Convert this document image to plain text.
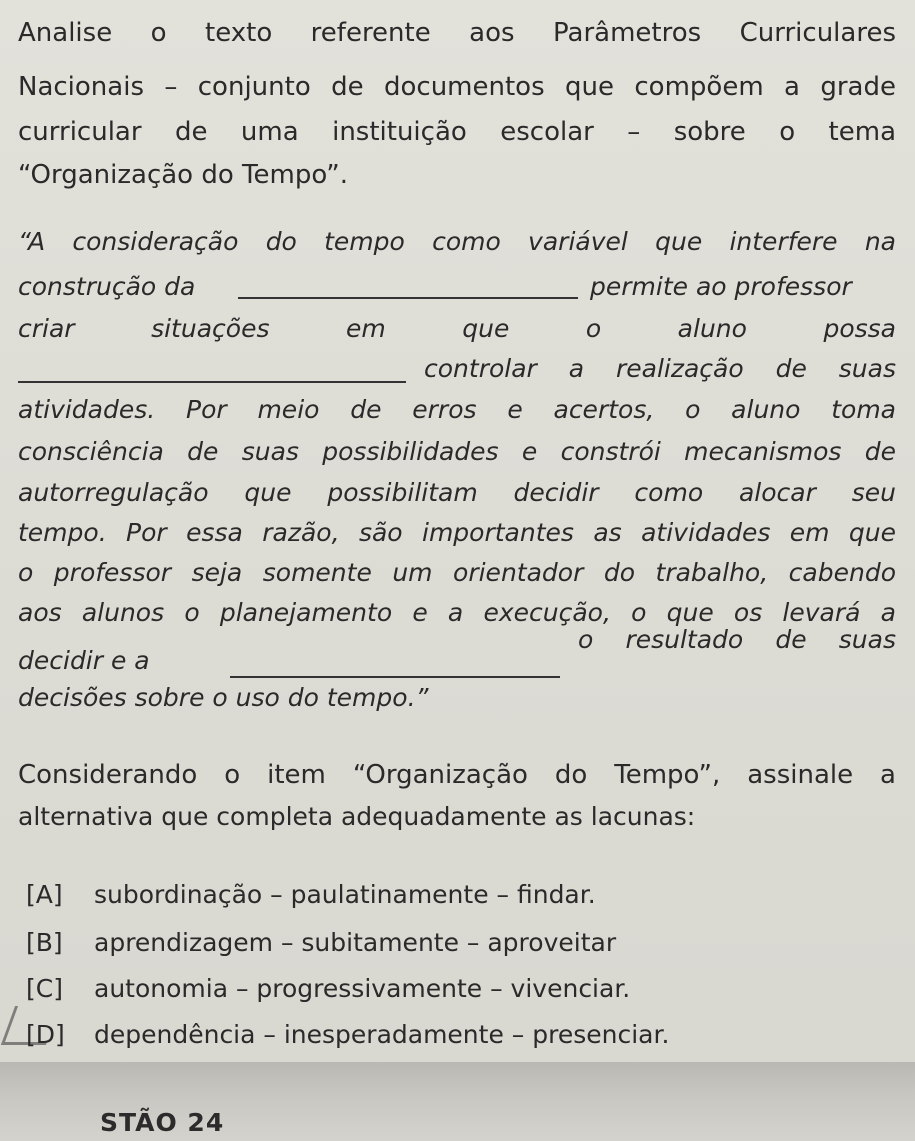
Analise o texto referente aos Parâmetros Curriculares
Nacionais – conjunto de documentos que compõem a grade
curricular de uma instituição escolar – sobre o tema
“Organização do Tempo”.
“A consideração do tempo como variável que interfere na
construção da	permite ao professor
criar situações em que o aluno possa
controlar a realização de suas
atividades. Por meio de erros e acertos, o aluno toma
consciência de suas possibilidades e constrói mecanismos de
autorregulação que possibilitam decidir como alocar seu
tempo. Por essa razão, são importantes as atividades em que
o professor seja somente um orientador do trabalho, cabendo
aos alunos o planejamento e a execução, o que os levará a
decidir e a
o resultado de suas
decisões sobre o uso do tempo.”
Considerando o item “Organização do Tempo”, assinale a
alternativa que completa adequadamente as lacunas:
[A] subordinação – paulatinamente – findar.
[B] aprendizagem – subitamente – aproveitar
[C] autonomia – progressivamente – vivenciar.
[D] dependência – inesperadamente – presenciar.
STÃO 24
